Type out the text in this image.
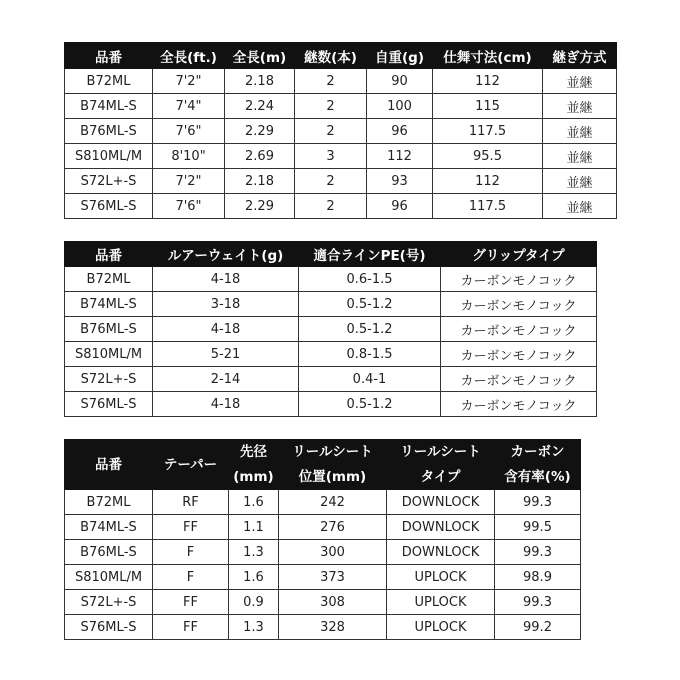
品番	全長(ft.)	全長(m)	継数(本)	自重(g)	仕舞寸法(cm)	継ぎ方式
B72ML	7'2"	2.18	2	90	112	並継
B74ML-S	7'4"	2.24	2	100	115	並継
B76ML-S	7'6"	2.29	2	96	117.5	並継
S810ML/M	8'10"	2.69	3	112	95.5	並継
S72L+-S	7'2"	2.18	2	93	112	並継
S76ML-S	7'6"	2.29	2	96	117.5	並継
品番	ルアーウェイト(g)	適合ラインPE(号)	グリップタイプ
B72ML	4-18	0.6-1.5	カーボンモノコック
B74ML-S	3-18	0.5-1.2	カーボンモノコック
B76ML-S	4-18	0.5-1.2	カーボンモノコック
S810ML/M	5-21	0.8-1.5	カーボンモノコック
S72L+-S	2-14	0.4-1	カーボンモノコック
S76ML-S	4-18	0.5-1.2	カーボンモノコック
品番	テーパー	先径	リールシート	リールシート	カーボン
		(mm)	位置(mm)	タイプ	含有率(%)
B72ML	RF	1.6	242	DOWNLOCK	99.3
B74ML-S	FF	1.1	276	DOWNLOCK	99.5
B76ML-S	F	1.3	300	DOWNLOCK	99.3
S810ML/M	F	1.6	373	UPLOCK	98.9
S72L+-S	FF	0.9	308	UPLOCK	99.3
S76ML-S	FF	1.3	328	UPLOCK	99.2
